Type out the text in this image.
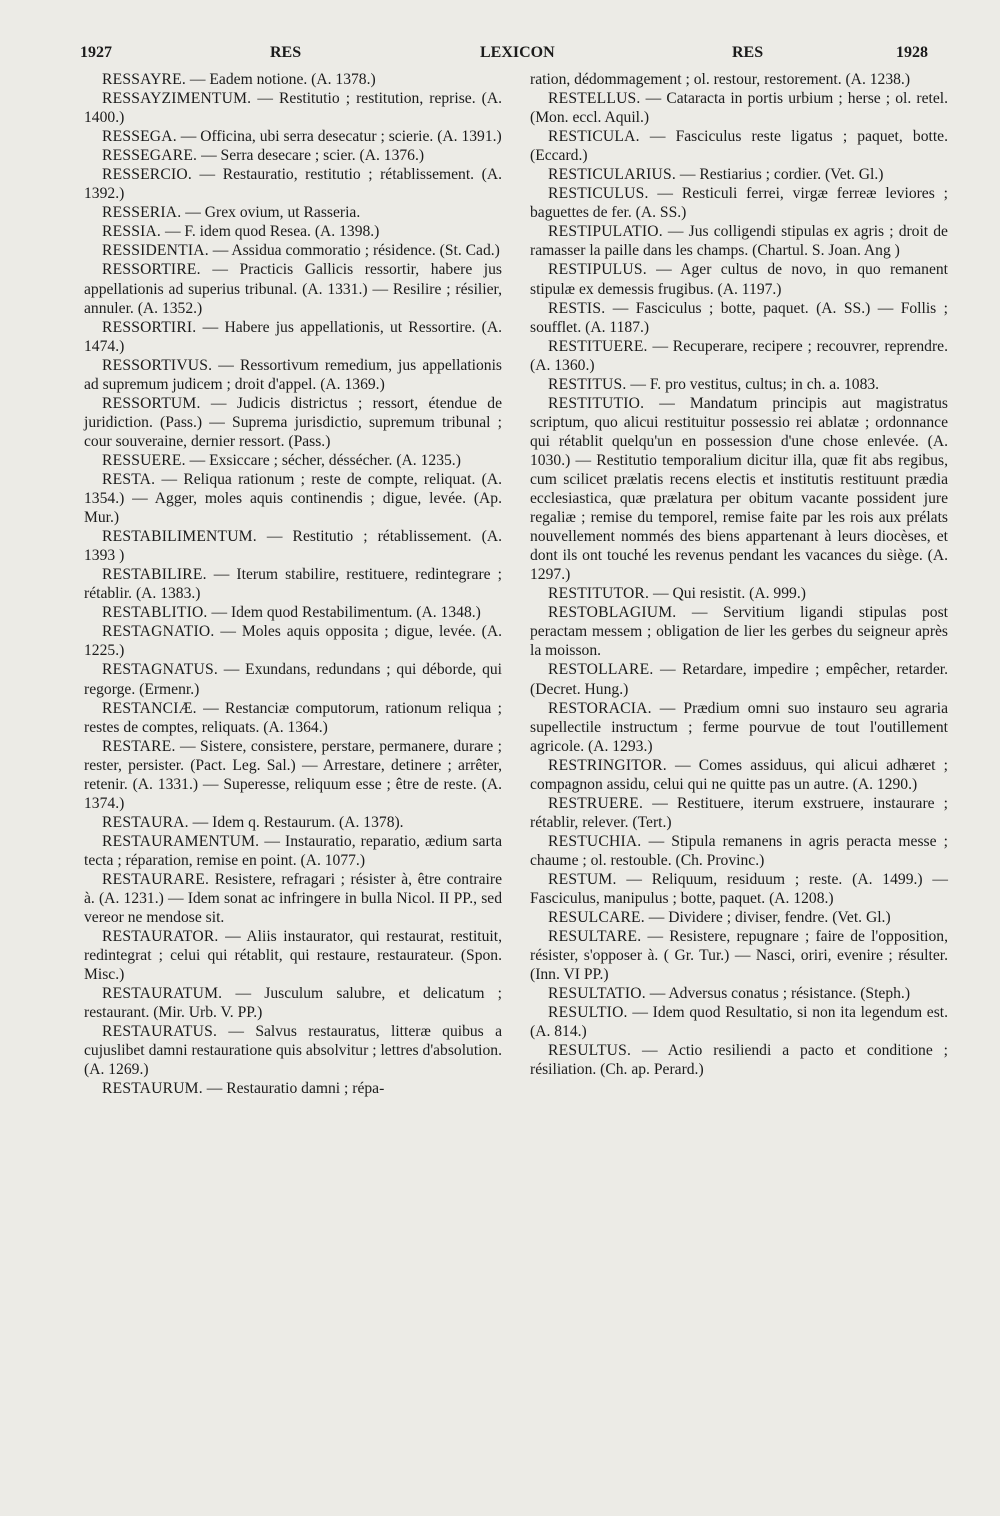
1927	RES	LEXICON	RES	1928

RESSAYRE. — Eadem notione. (A. 1378.)

RESSAYZIMENTUM. — Restitutio ; restitution, reprise. (A. 1400.)

RESSEGA. — Officina, ubi serra desecatur ; scierie. (A. 1391.)

RESSEGARE. — Serra desecare ; scier. (A. 1376.)

RESSERCIO. — Restauratio, restitutio ; rétablissement. (A. 1392.)

RESSERIA. — Grex ovium, ut Rasseria.

RESSIA. — F. idem quod Resea. (A. 1398.)

RESSIDENTIA. — Assidua commoratio ; résidence. (St. Cad.)

RESSORTIRE. — Practicis Gallicis ressortir, habere jus appellationis ad superius tribunal. (A. 1331.) — Resilire ; résilier, annuler. (A. 1352.)

RESSORTIRI. — Habere jus appellationis, ut Ressortire. (A. 1474.)

RESSORTIVUS. — Ressortivum remedium, jus appellationis ad supremum judicem ; droit d'appel. (A. 1369.)

RESSORTUM. — Judicis districtus ; ressort, étendue de juridiction. (Pass.) — Suprema jurisdictio, supremum tribunal ; cour souveraine, dernier ressort. (Pass.)

RESSUERE. — Exsiccare ; sécher, déssécher. (A. 1235.)

RESTA. — Reliqua rationum ; reste de compte, reliquat. (A. 1354.) — Agger, moles aquis continendis ; digue, levée. (Ap. Mur.)

RESTABILIMENTUM. — Restitutio ; rétablissement. (A. 1393 )

RESTABILIRE. — Iterum stabilire, restituere, redintegrare ; rétablir. (A. 1383.)

RESTABLITIO. — Idem quod Restabilimentum. (A. 1348.)

RESTAGNATIO. — Moles aquis opposita ; digue, levée. (A. 1225.)

RESTAGNATUS. — Exundans, redundans ; qui déborde, qui regorge. (Ermenr.)

RESTANCIÆ. — Restanciæ computorum, rationum reliqua ; restes de comptes, reliquats. (A. 1364.)

RESTARE. — Sistere, consistere, perstare, permanere, durare ; rester, persister. (Pact. Leg. Sal.) — Arrestare, detinere ; arrêter, retenir. (A. 1331.) — Superesse, reliquum esse ; être de reste. (A. 1374.)

RESTAURA. — Idem q. Restaurum. (A. 1378).

RESTAURAMENTUM. — Instauratio, reparatio, ædium sarta tecta ; réparation, remise en point. (A. 1077.)

RESTAURARE. Resistere, refragari ; résister à, être contraire à. (A. 1231.) — Idem sonat ac infringere in bulla Nicol. II PP., sed vereor ne mendose sit.

RESTAURATOR. — Aliis instaurator, qui restaurat, restituit, redintegrat ; celui qui rétablit, qui restaure, restaurateur. (Spon. Misc.)

RESTAURATUM. — Jusculum salubre, et delicatum ; restaurant. (Mir. Urb. V. PP.)

RESTAURATUS. — Salvus restauratus, litteræ quibus a cujuslibet damni restauratione quis absolvitur ; lettres d'absolution. (A. 1269.)

RESTAURUM. — Restauratio damni ; répa-

ration, dédommagement ; ol. restour, restorement. (A. 1238.)

RESTELLUS. — Cataracta in portis urbium ; herse ; ol. retel. (Mon. eccl. Aquil.)

RESTICULA. — Fasciculus reste ligatus ; paquet, botte. (Eccard.)

RESTICULARIUS. — Restiarius ; cordier. (Vet. Gl.)

RESTICULUS. — Resticuli ferrei, virgæ ferreæ leviores ; baguettes de fer. (A. SS.)

RESTIPULATIO. — Jus colligendi stipulas ex agris ; droit de ramasser la paille dans les champs. (Chartul. S. Joan. Ang )

RESTIPULUS. — Ager cultus de novo, in quo remanent stipulæ ex demessis frugibus. (A. 1197.)

RESTIS. — Fasciculus ; botte, paquet. (A. SS.) — Follis ; soufflet. (A. 1187.)

RESTITUERE. — Recuperare, recipere ; recouvrer, reprendre. (A. 1360.)

RESTITUS. — F. pro vestitus, cultus; in ch. a. 1083.

RESTITUTIO. — Mandatum principis aut magistratus scriptum, quo alicui restituitur possessio rei ablatæ ; ordonnance qui rétablit quelqu'un en possession d'une chose enlevée. (A. 1030.) — Restitutio temporalium dicitur illa, quæ fit abs regibus, cum scilicet prælatis recens electis et institutis restituunt prædia ecclesiastica, quæ prælatura per obitum vacante possident jure regaliæ ; remise du temporel, remise faite par les rois aux prélats nouvellement nommés des biens appartenant à leurs diocèses, et dont ils ont touché les revenus pendant les vacances du siège. (A. 1297.)

RESTITUTOR. — Qui resistit. (A. 999.)

RESTOBLAGIUM. — Servitium ligandi stipulas post peractam messem ; obligation de lier les gerbes du seigneur après la moisson.

RESTOLLARE. — Retardare, impedire ; empêcher, retarder. (Decret. Hung.)

RESTORACIA. — Prædium omni suo instauro seu agraria supellectile instructum ; ferme pourvue de tout l'outillement agricole. (A. 1293.)

RESTRINGITOR. — Comes assiduus, qui alicui adhæret ; compagnon assidu, celui qui ne quitte pas un autre. (A. 1290.)

RESTRUERE. — Restituere, iterum exstruere, instaurare ; rétablir, relever. (Tert.)

RESTUCHIA. — Stipula remanens in agris peracta messe ; chaume ; ol. restouble. (Ch. Provinc.)

RESTUM. — Reliquum, residuum ; reste. (A. 1499.) — Fasciculus, manipulus ; botte, paquet. (A. 1208.)

RESULCARE. — Dividere ; diviser, fendre. (Vet. Gl.)

RESULTARE. — Resistere, repugnare ; faire de l'opposition, résister, s'opposer à. ( Gr. Tur.) — Nasci, oriri, evenire ; résulter. (Inn. VI PP.)

RESULTATIO. — Adversus conatus ; résistance. (Steph.)

RESULTIO. — Idem quod Resultatio, si non ita legendum est. (A. 814.)

RESULTUS. — Actio resiliendi a pacto et conditione ; résiliation. (Ch. ap. Perard.)
